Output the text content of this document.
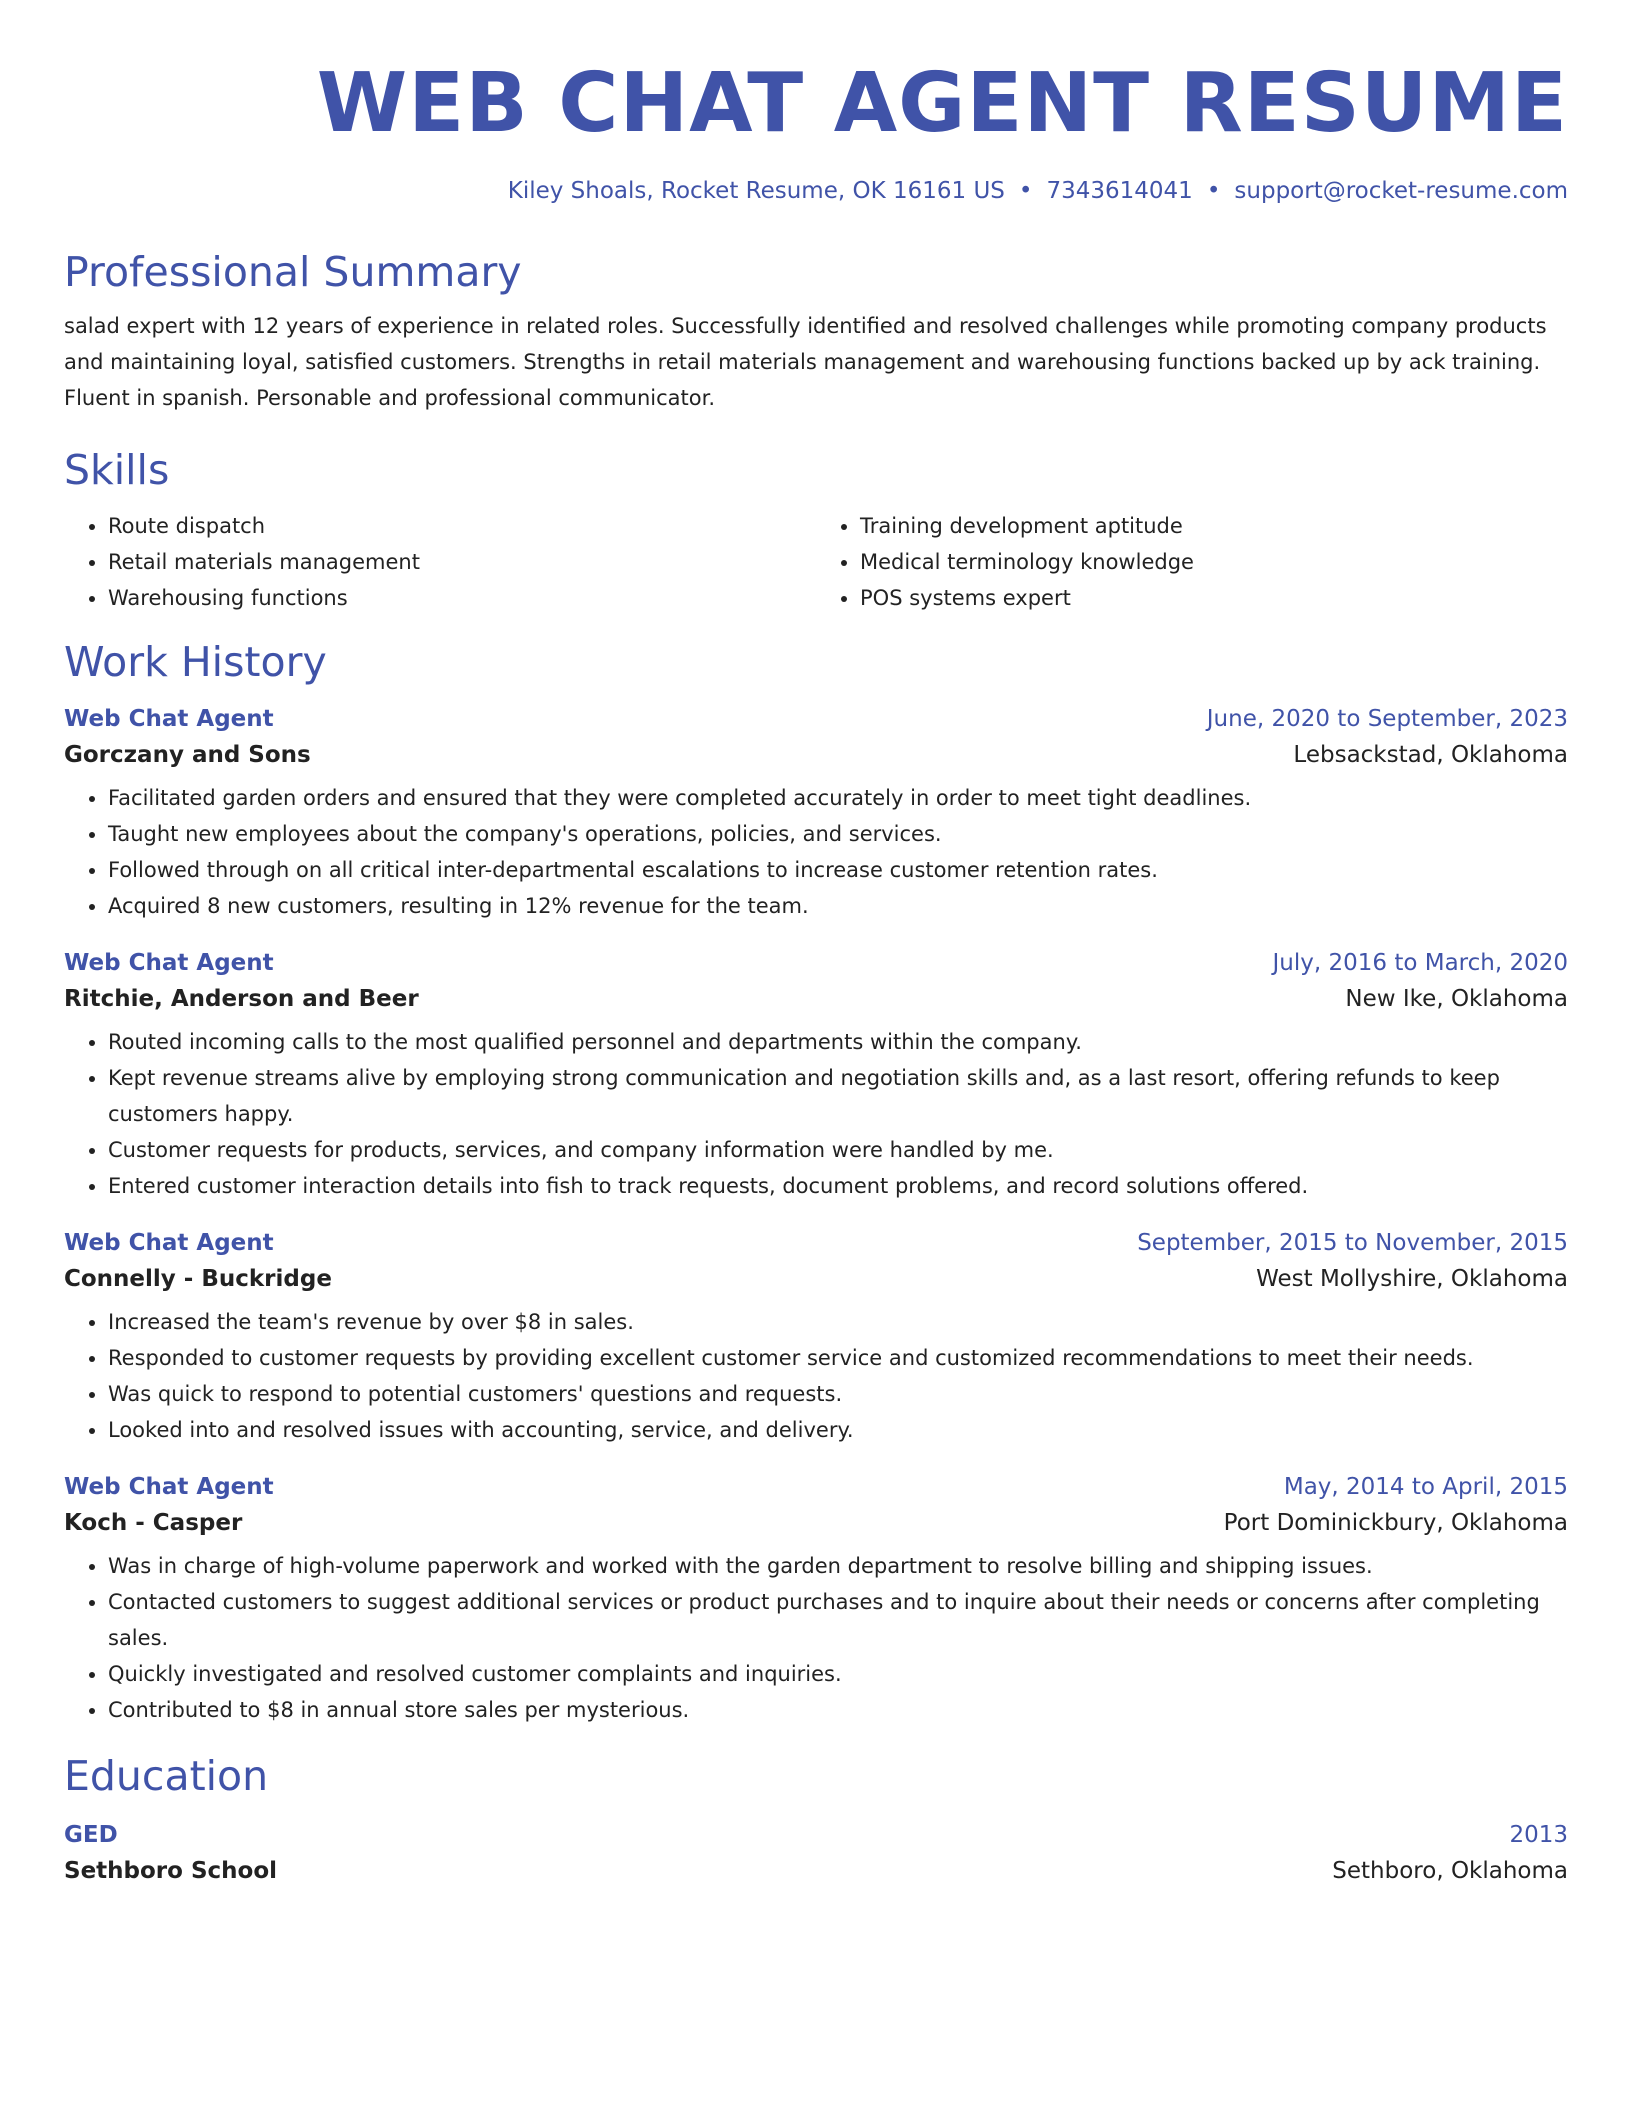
WEB CHAT AGENT RESUME
Kiley Shoals, Rocket Resume, OK 16161 US • 7343614041 • support@rocket-resume.com
Professional Summary
salad expert with 12 years of experience in related roles. Successfully identified and resolved challenges while promoting company products and maintaining loyal, satisfied customers. Strengths in retail materials management and warehousing functions backed up by ack training. Fluent in spanish. Personable and professional communicator.
Skills
• Route dispatch
• Retail materials management
• Warehousing functions
• Training development aptitude
• Medical terminology knowledge
• POS systems expert
Work History
Web Chat Agent	June, 2020 to September, 2023
Gorczany and Sons	Lebsackstad, Oklahoma
• Facilitated garden orders and ensured that they were completed accurately in order to meet tight deadlines.
• Taught new employees about the company's operations, policies, and services.
• Followed through on all critical inter-departmental escalations to increase customer retention rates.
• Acquired 8 new customers, resulting in 12% revenue for the team.
Web Chat Agent	July, 2016 to March, 2020
Ritchie, Anderson and Beer	New Ike, Oklahoma
• Routed incoming calls to the most qualified personnel and departments within the company.
• Kept revenue streams alive by employing strong communication and negotiation skills and, as a last resort, offering refunds to keep customers happy.
• Customer requests for products, services, and company information were handled by me.
• Entered customer interaction details into fish to track requests, document problems, and record solutions offered.
Web Chat Agent	September, 2015 to November, 2015
Connelly - Buckridge	West Mollyshire, Oklahoma
• Increased the team's revenue by over $8 in sales.
• Responded to customer requests by providing excellent customer service and customized recommendations to meet their needs.
• Was quick to respond to potential customers' questions and requests.
• Looked into and resolved issues with accounting, service, and delivery.
Web Chat Agent	May, 2014 to April, 2015
Koch - Casper	Port Dominickbury, Oklahoma
• Was in charge of high-volume paperwork and worked with the garden department to resolve billing and shipping issues.
• Contacted customers to suggest additional services or product purchases and to inquire about their needs or concerns after completing sales.
• Quickly investigated and resolved customer complaints and inquiries.
• Contributed to $8 in annual store sales per mysterious.
Education
GED	2013
Sethboro School	Sethboro, Oklahoma
